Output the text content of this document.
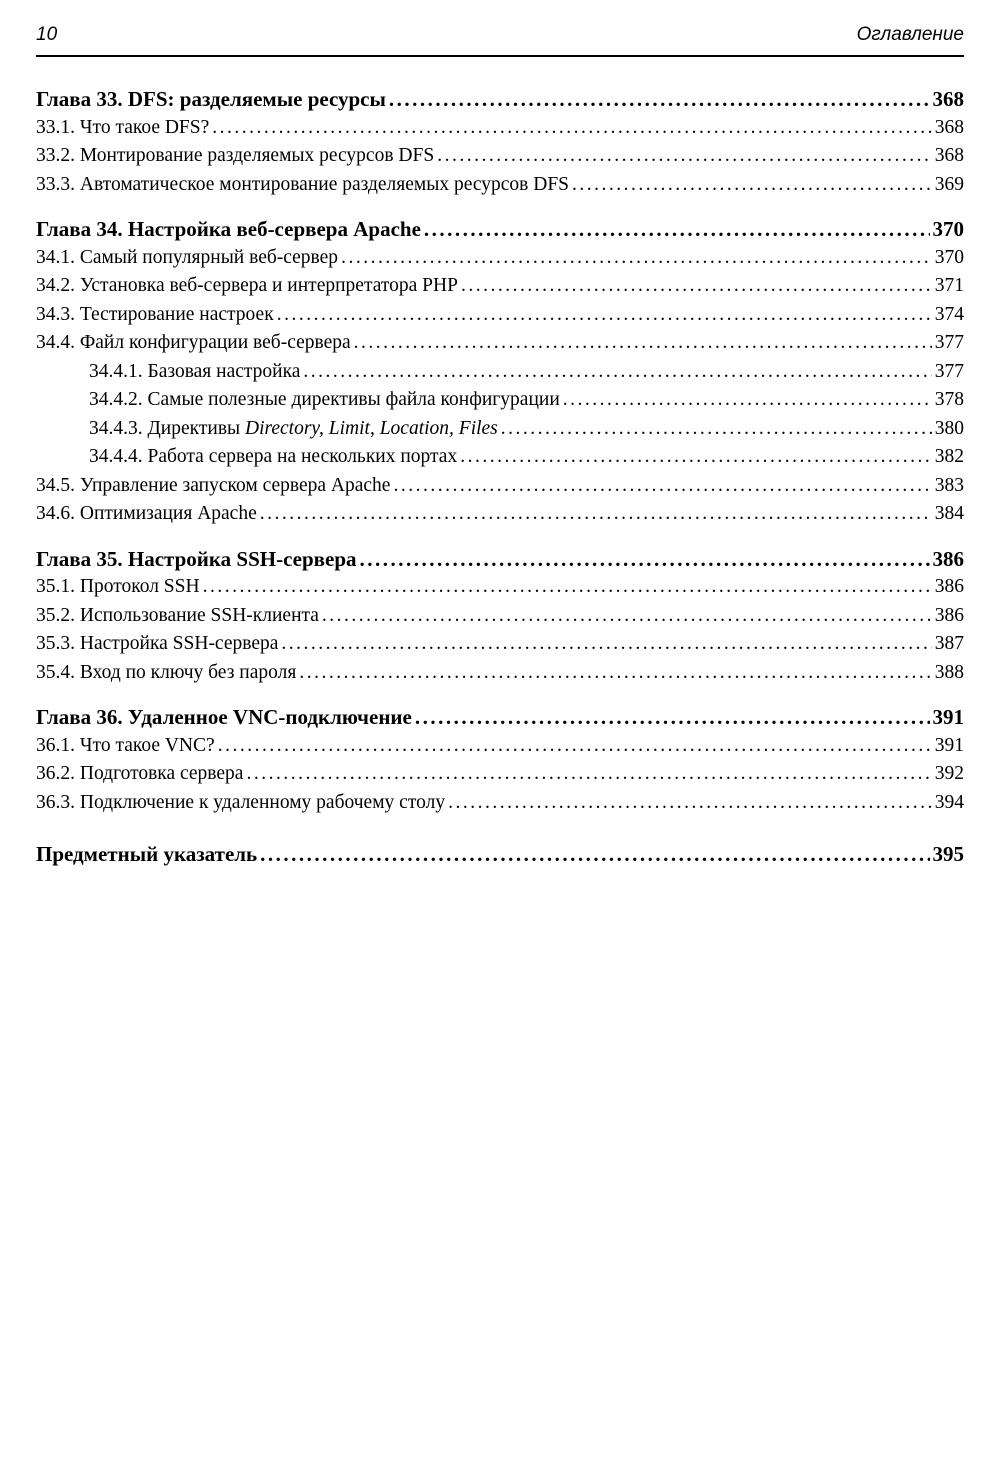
10	Оглавление
Глава 33. DFS: разделяемые ресурсы .....	368
33.1. Что такое DFS? .....	368
33.2. Монтирование разделяемых ресурсов DFS .....	368
33.3. Автоматическое монтирование разделяемых ресурсов DFS .....	369
Глава 34. Настройка веб-сервера Apache .....	370
34.1. Самый популярный веб-сервер .....	370
34.2. Установка веб-сервера и интерпретатора PHP .....	371
34.3. Тестирование настроек .....	374
34.4. Файл конфигурации веб-сервера .....	377
34.4.1. Базовая настройка .....	377
34.4.2. Самые полезные директивы файла конфигурации .....	378
34.4.3. Директивы Directory, Limit, Location, Files .....	380
34.4.4. Работа сервера на нескольких портах .....	382
34.5. Управление запуском сервера Apache .....	383
34.6. Оптимизация Apache .....	384
Глава 35. Настройка SSH-сервера .....	386
35.1. Протокол SSH .....	386
35.2. Использование SSH-клиента .....	386
35.3. Настройка SSH-сервера .....	387
35.4. Вход по ключу без пароля .....	388
Глава 36. Удаленное VNC-подключение .....	391
36.1. Что такое VNC? .....	391
36.2. Подготовка сервера .....	392
36.3. Подключение к удаленному рабочему столу .....	394
Предметный указатель .....	395
